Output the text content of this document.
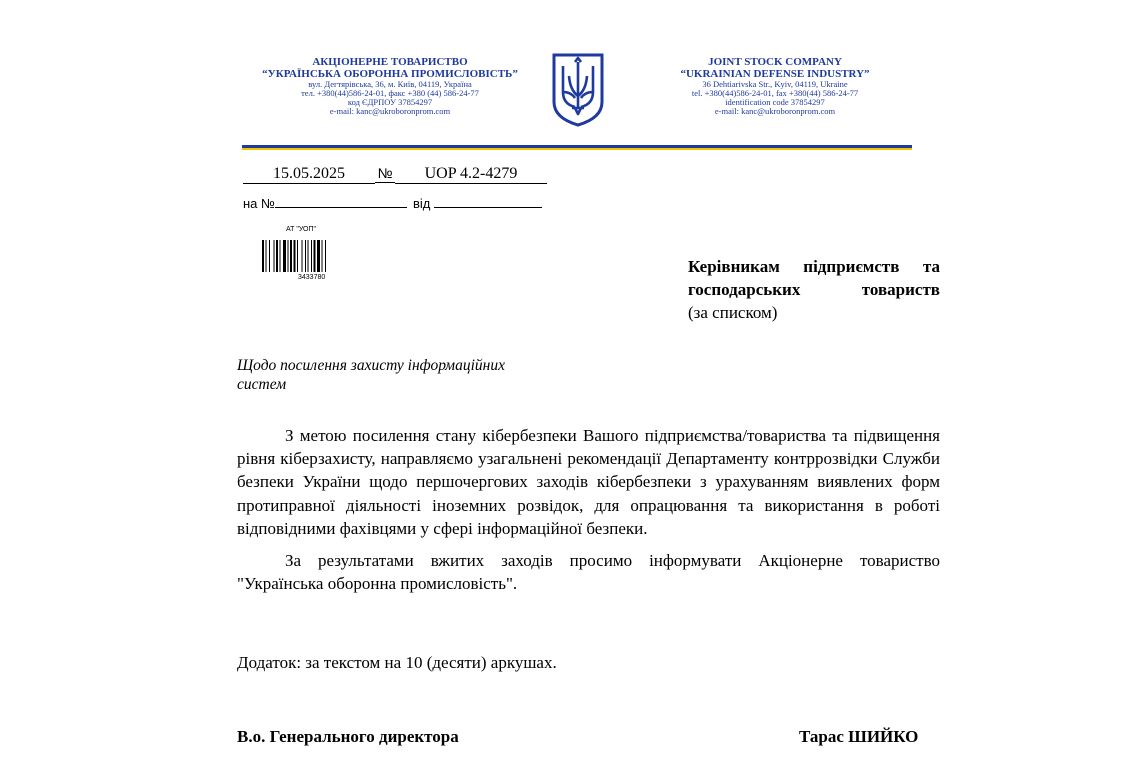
АКЦІОНЕРНЕ ТОВАРИСТВО
“УКРАЇНСЬКА ОБОРОННА ПРОМИСЛОВІСТЬ”
вул. Дегтярівська, 36, м. Київ, 04119, Україна
тел. +380(44)586-24-01, факс +380 (44) 586-24-77
код ЄДРПОУ 37854297
e-mail: kanc@ukroboronprom.com
JOINT STOCK COMPANY
“UKRAINIAN DEFENSE INDUSTRY”
36 Dehtiarivska Str., Kyiv, 04119, Ukraine
tel. +380(44)586-24-01, fax +380(44) 586-24-77
identification code 37854297
e-mail: kanc@ukroboronprom.com
15.05.2025 № UOP 4.2-4279
на №	від
АТ "УОП"
3433780
Керівникам підприємств та
господарських товариств
(за списком)
Щодо посилення захисту інформаційних
систем

З метою посилення стану кібербезпеки Вашого підприємства/товариства та підвищення рівня кіберзахисту, направляємо узагальнені рекомендації Департаменту контррозвідки Служби безпеки України щодо першочергових заходів кібербезпеки з урахуванням виявлених форм протиправної діяльності іноземних розвідок, для опрацювання та використання в роботі відповідними фахівцями у сфері інформаційної безпеки.

За результатами вжитих заходів просимо інформувати Акціонерне товариство "Українська оборонна промисловість".

Додаток: за текстом на 10 (десяти) аркушах.
В.о. Генерального директора	Тарас ШИЙКО
